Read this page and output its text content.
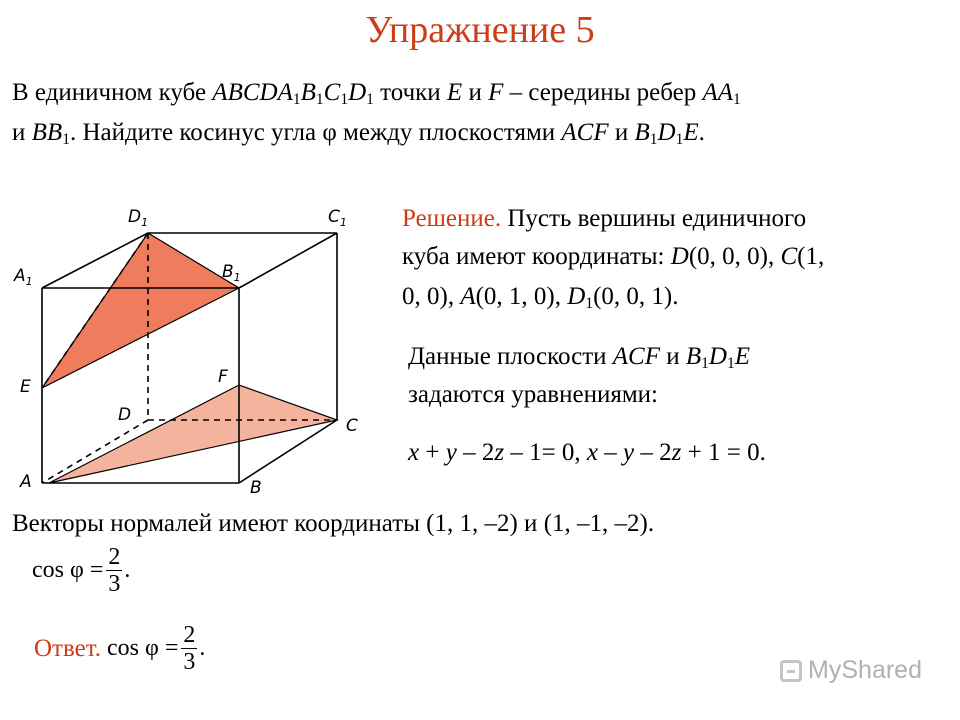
Упражнение 5
В единичном кубе $ABCDA_1B_1C_1D_1$ точки E и F – середины ребер $AA_1$
и $BB_1$. Найдите косинус угла φ между плоскостями ACF и $B_1D_1E$.
$D_1$	$C_1$
$A_1$	$B_1$
E	F
D
C
A	B
Решение. Пусть вершины единичного
куба имеют координаты: D(0, 0, 0), C(1,
0, 0), A(0, 1, 0), $D_1(0$, 0, 1).
Данные плоскости ACF и $B_1D_1E$
задаются уравнениями:
x + y – 2z – 1= 0, x – y – 2z + 1 = 0.
Векторы нормалей имеют координаты (1, 1, –2) и (1, –1, –2).
$\cos \varphi = \frac{2}{3}$ .
Ответ. $\cos \varphi = \frac{2}{3}$ .
MyShared
